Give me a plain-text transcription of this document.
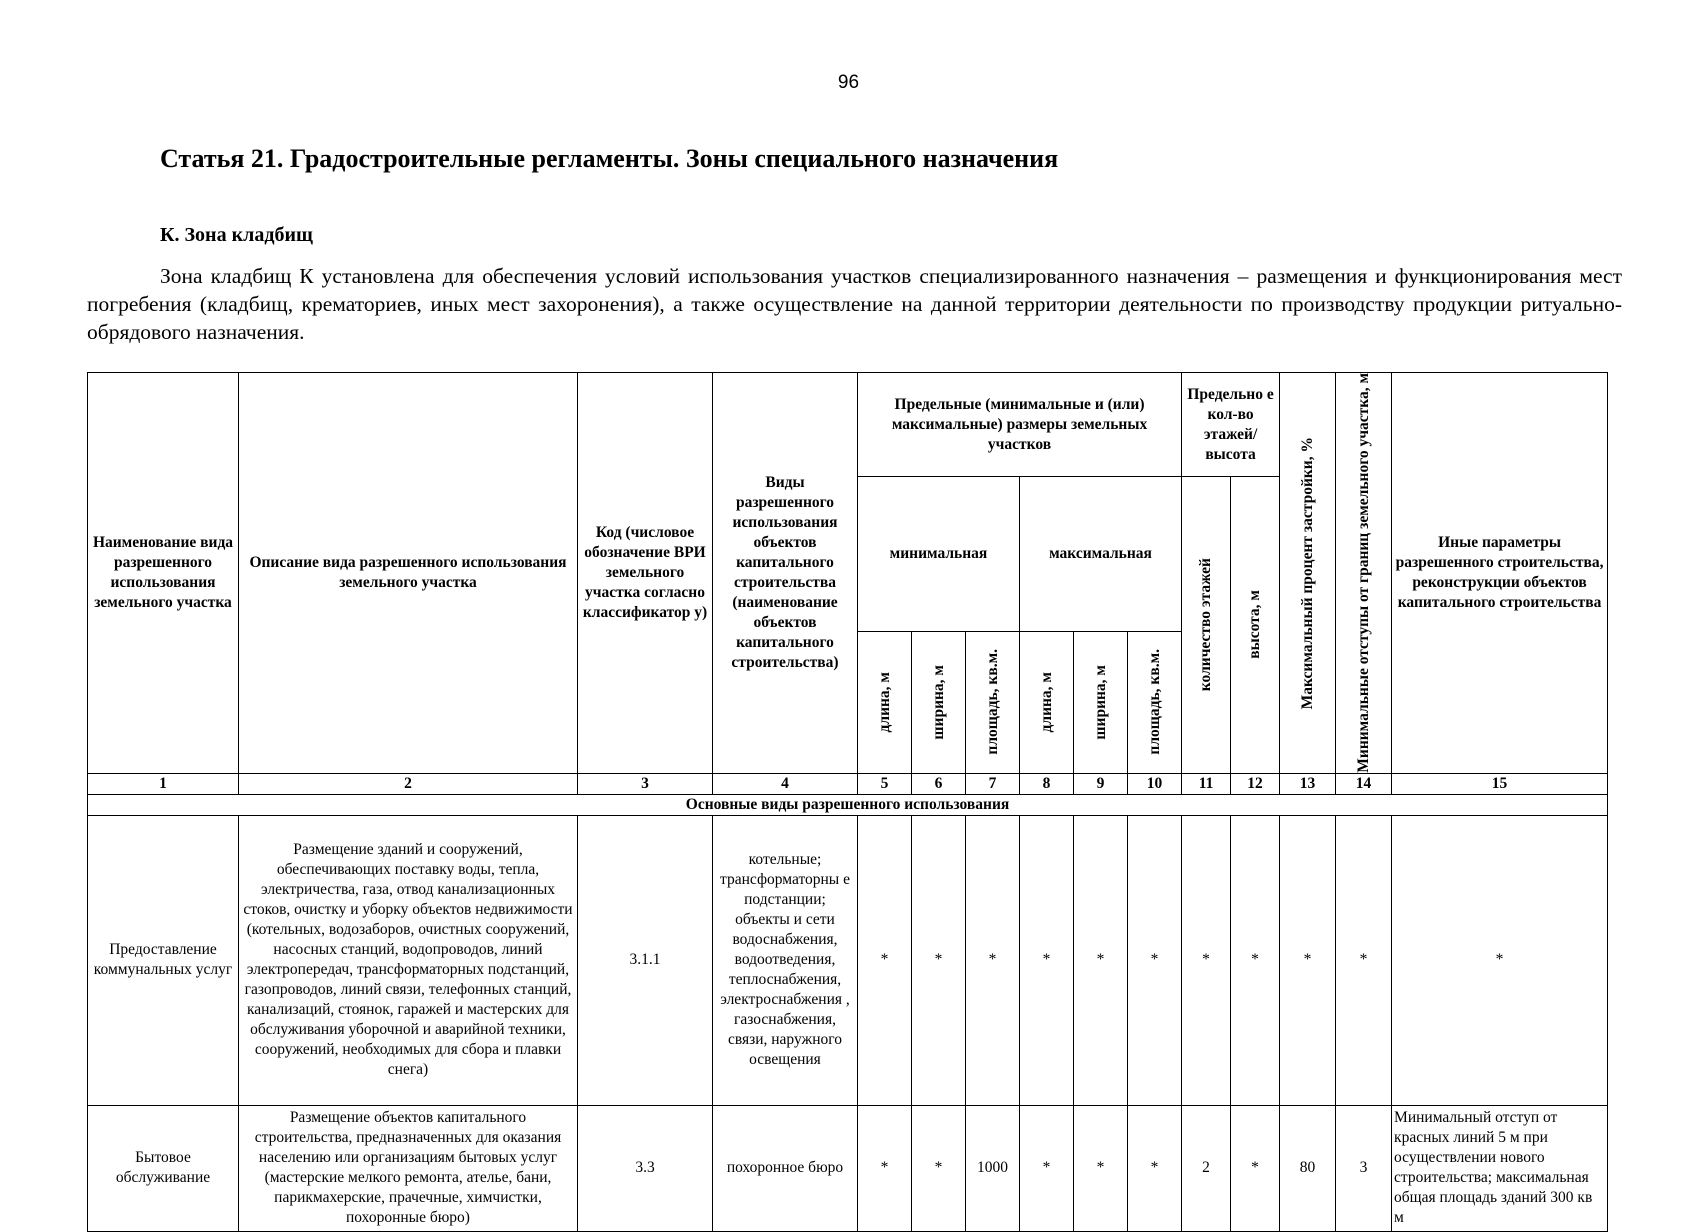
96
Статья 21. Градостроительные регламенты. Зоны специального назначения
К. Зона кладбищ

Зона кладбищ К установлена для обеспечения условий использования участков специализированного назначения – размещения и функционирования мест погребения (кладбищ, крематориев, иных мест захоронения), а также осуществление на данной территории деятельности по производству продукции ритуально-обрядового назначения.

Наименование вида разрешенного использования земельного участка	Описание вида разрешенного использования земельного участка	Код (числовое обозначение ВРИ земельного участка согласно классификатор у)	Виды разрешенного использования объектов капитального строительства (наименование объектов капитального строительства)	Предельные (минимальные и (или) максимальные) размеры земельных участков						Предельно е кол-во этажей/ высота		Максимальный процент застройки, %	Минимальные отступы от границ земельного участка, м	Иные параметры разрешенного строительства, реконструкции объектов капитального строительства
				минимальная			максимальная			количество этажей	высота, м			

				длина, м	ширина, м	площадь, кв.м.	длина, м	ширина, м	площадь, кв.м.					

1	2	3	4	5	6	7	8	9	10	11	12	13	14	15
Основные виды разрешенного использования														
Предоставление коммунальных услуг	Размещение зданий и сооружений, обеспечивающих поставку воды, тепла, электричества, газа, отвод канализационных стоков, очистку и уборку объектов недвижимости (котельных, водозаборов, очистных сооружений, насосных станций, водопроводов, линий электропередач, трансформаторных подстанций, газопроводов, линий связи, телефонных станций, канализаций, стоянок, гаражей и мастерских для обслуживания уборочной и аварийной техники, сооружений, необходимых для сбора и плавки снега)	3.1.1	котельные; трансформаторны е подстанции; объекты и сети водоснабжения, водоотведения, теплоснабжения, электроснабжения , газоснабжения, связи, наружного освещения	*	*	*	*	*	*	*	*	*	*	*
Бытовое обслуживание	Размещение объектов капитального строительства, предназначенных для оказания населению или организациям бытовых услуг (мастерские мелкого ремонта, ателье, бани, парикмахерские, прачечные, химчистки, похоронные бюро)	3.3	похоронное бюро	*	*	1000	*	*	*	2	*	80	3	Минимальный отступ от красных линий 5 м при осуществлении нового строительства; максимальная общая площадь зданий 300 кв м
